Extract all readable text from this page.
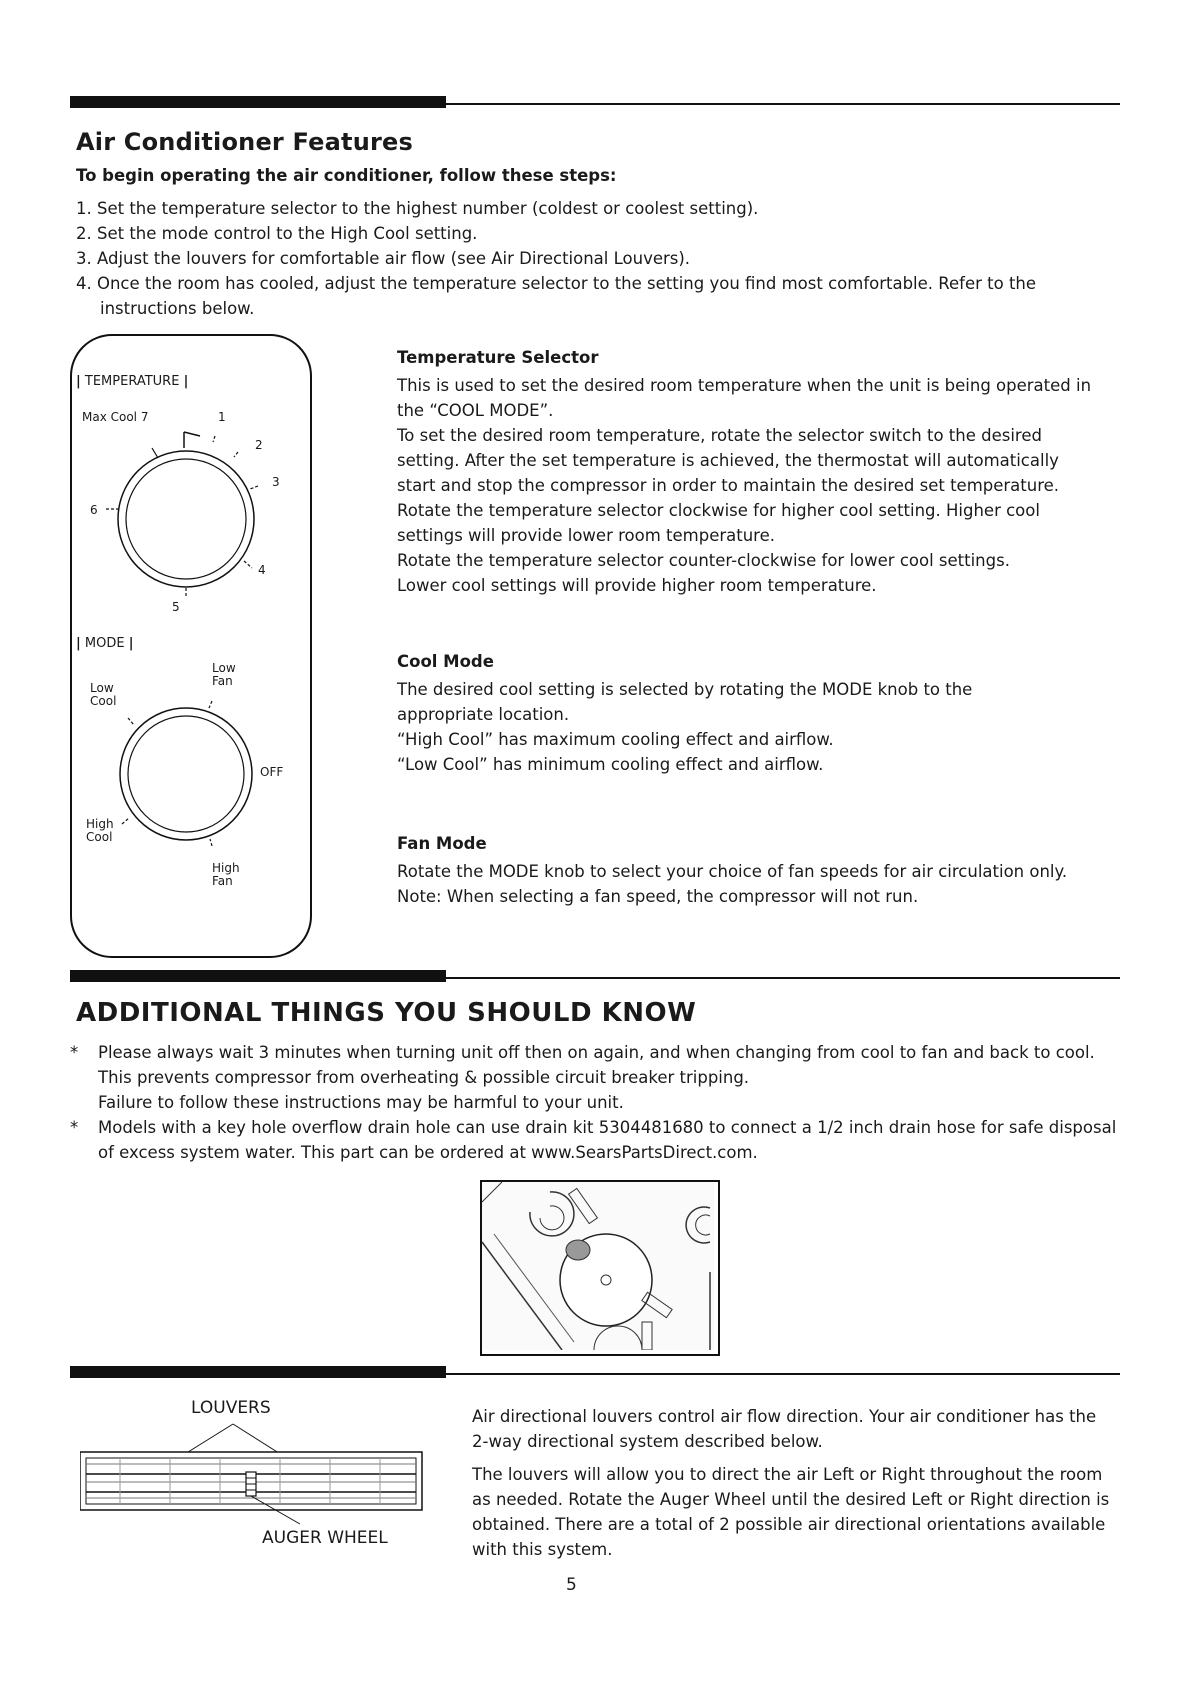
Air Conditioner Features
To begin operating the air conditioner, follow these steps:
1. Set the temperature selector to the highest number (coldest or coolest setting).
2. Set the mode control to the High Cool setting.
3. Adjust the louvers for comfortable air flow (see Air Directional Louvers).
4. Once the room has cooled, adjust the temperature selector to the setting you find most comfortable. Refer to the instructions below.
| TEMPERATURE |
Max Cool 7	1
2
3
4
5
6
| MODE |
Low
Fan
Low
Cool
OFF
High
Cool
High
Fan
Temperature Selector

This is used to set the desired room temperature when the unit is being operated in the “COOL MODE”.

To set the desired room temperature, rotate the selector switch to the desired setting. After the set temperature is achieved, the thermostat will automatically start and stop the compressor in order to maintain the desired set temperature.

Rotate the temperature selector clockwise for higher cool setting. Higher cool settings will provide lower room temperature.

Rotate the temperature selector counter-clockwise for lower cool settings.

Lower cool settings will provide higher room temperature.

Cool Mode

The desired cool setting is selected by rotating the MODE knob to the appropriate location.

“High Cool” has maximum cooling effect and airflow.

“Low Cool” has minimum cooling effect and airflow.

Fan Mode

Rotate the MODE knob to select your choice of fan speeds for air circulation only.

Note: When selecting a fan speed, the compressor will not run.

ADDITIONAL THINGS YOU SHOULD KNOW
* Please always wait 3 minutes when turning unit off then on again, and when changing from cool to fan and back to cool. This prevents compressor from overheating & possible circuit breaker tripping.
Failure to follow these instructions may be harmful to your unit.
* Models with a key hole overflow drain hole can use drain kit 5304481680 to connect a 1/2 inch drain hose for safe disposal of excess system water. This part can be ordered at www.SearsPartsDirect.com.
LOUVERS
AUGER WHEEL

Air directional louvers control air flow direction. Your air conditioner has the 2-way directional system described below.

The louvers will allow you to direct the air Left or Right throughout the room as needed. Rotate the Auger Wheel until the desired Left or Right direction is obtained. There are a total of 2 possible air directional orientations available with this system.

5
